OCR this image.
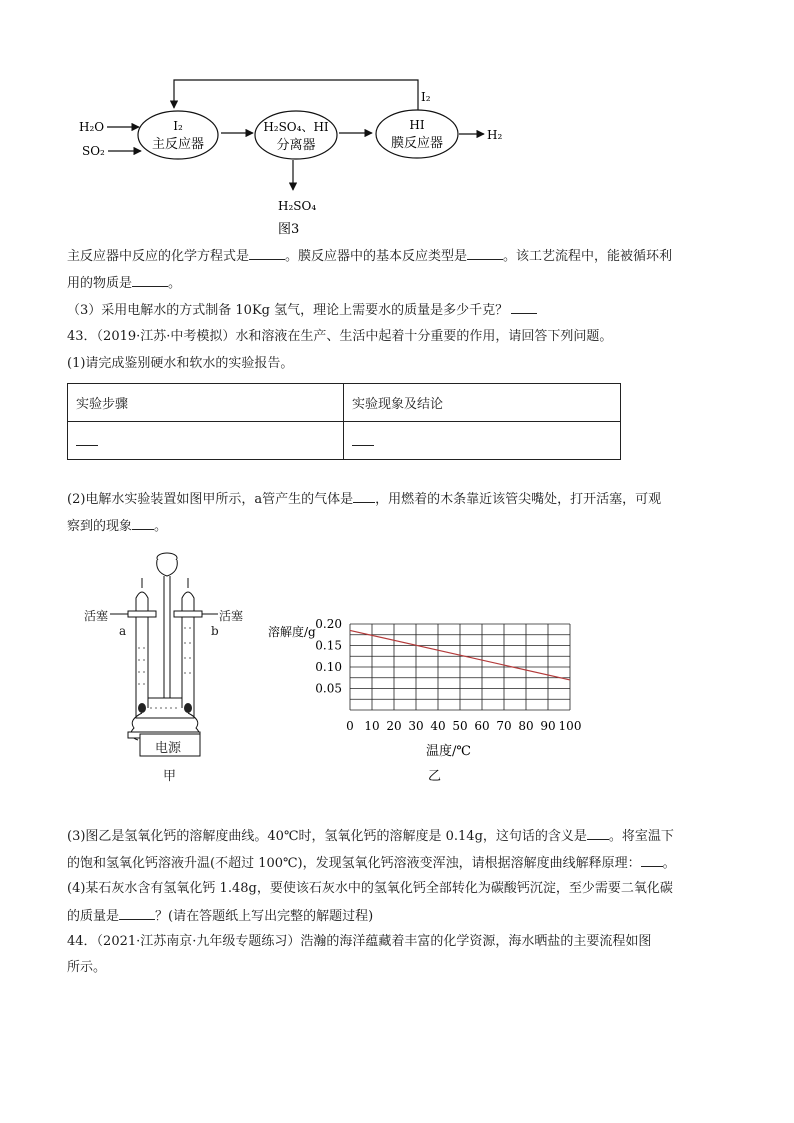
I₂
H₂O
SO₂
I₂
主反应器
H₂SO₄、HI
分离器
H₂SO₄
HI
膜反应器
H₂
图3
主反应器中反应的化学方程式是	。膜反应器中的基本反应类型是	。该工艺流程中，能被循环利
用的物质是	。
（3）采用电解水的方式制备 10Kg 氢气，理论上需要水的质量是多少千克？
43．（2019·江苏·中考模拟）水和溶液在生产、生活中起着十分重要的作用，请回答下列问题。
(1)请完成鉴别硬水和软水的实验报告。
实验步骤	实验现象及结论

(2)电解水实验装置如图甲所示，a管产生的气体是 ，用燃着的木条靠近该管尖嘴处，打开活塞，可观
察到的现象 。
活塞	活塞
a	b
电源
甲
0 10 20 30 40 50 60 70 80 90 100
0.20
0.15
0.10
0.05
溶解度/g
温度/℃
乙
(3)图乙是氢氧化钙的溶解度曲线。40℃时，氢氧化钙的溶解度是 0.14g，这句话的含义是 。将室温下
的饱和氢氧化钙溶液升温(不超过 100℃)，发现氢氧化钙溶液变浑浊，请根据溶解度曲线解释原理： 。
(4)某石灰水含有氢氧化钙 1.48g，要使该石灰水中的氢氧化钙全部转化为碳酸钙沉淀，至少需要二氧化碳
的质量是	？(请在答题纸上写出完整的解题过程)
44．（2021·江苏南京·九年级专题练习）浩瀚的海洋蕴藏着丰富的化学资源，海水晒盐的主要流程如图
所示。
